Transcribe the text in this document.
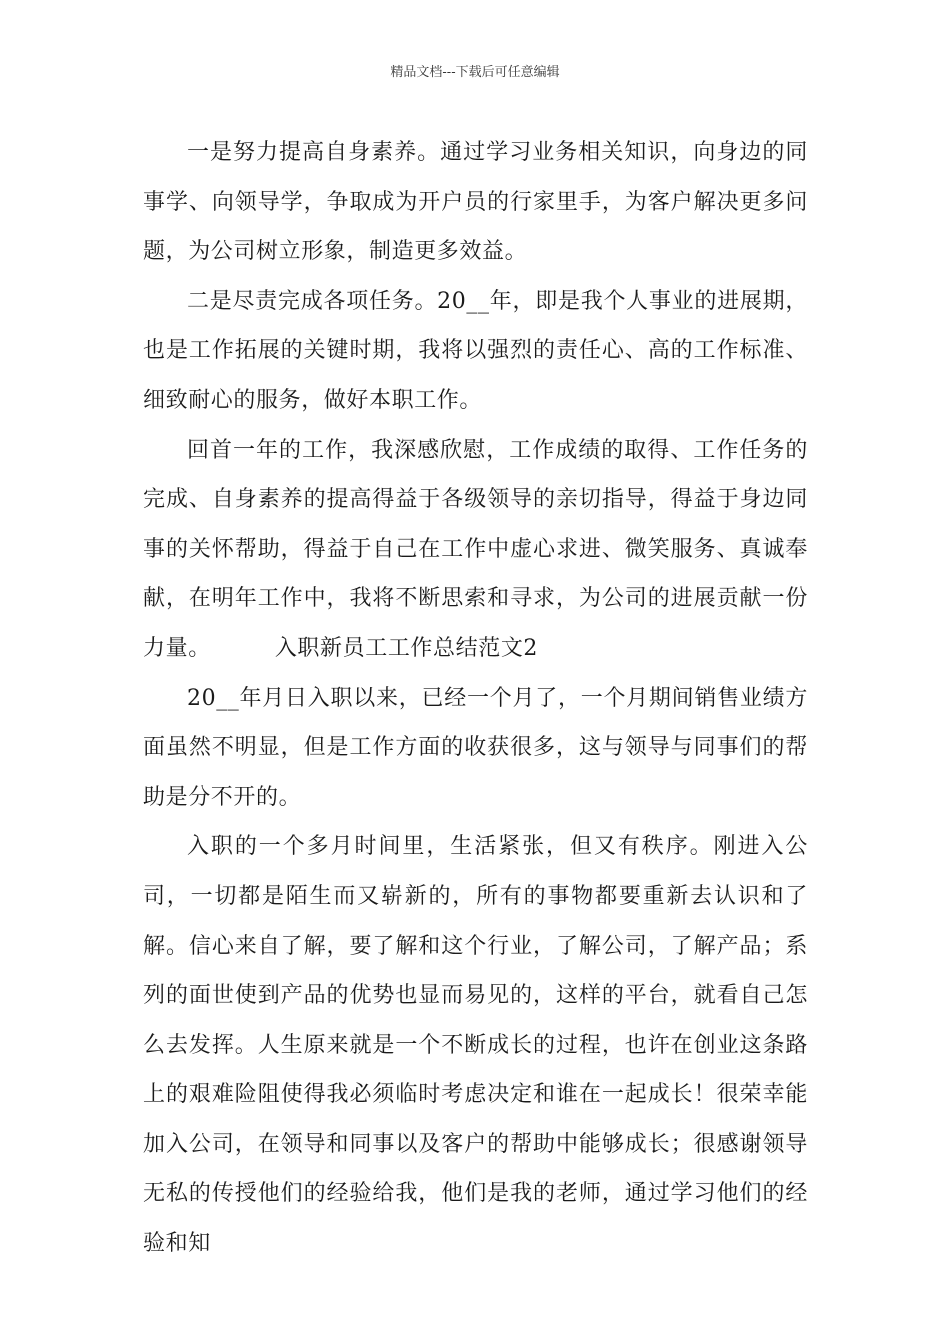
精品文档---下载后可任意编辑

一是努力提高自身素养。通过学习业务相关知识，向身边的同事学、向领导学，争取成为开户员的行家里手，为客户解决更多问题，为公司树立形象，制造更多效益。

二是尽责完成各项任务。20__年，即是我个人事业的进展期，也是工作拓展的关键时期，我将以强烈的责任心、高的工作标准、细致耐心的服务，做好本职工作。

回首一年的工作，我深感欣慰，工作成绩的取得、工作任务的完成、自身素养的提高得益于各级领导的亲切指导，得益于身边同事的关怀帮助，得益于自己在工作中虚心求进、微笑服务、真诚奉献，在明年工作中，我将不断思索和寻求，为公司的进展贡献一份力量。	入职新员工工作总结范文2

20__年月日入职以来，已经一个月了，一个月期间销售业绩方面虽然不明显，但是工作方面的收获很多，这与领导与同事们的帮助是分不开的。

入职的一个多月时间里，生活紧张，但又有秩序。刚进入公司，一切都是陌生而又崭新的，所有的事物都要重新去认识和了解。信心来自了解，要了解和这个行业，了解公司，了解产品；系列的面世使到产品的优势也显而易见的，这样的平台，就看自己怎么去发挥。人生原来就是一个不断成长的过程，也许在创业这条路上的艰难险阻使得我必须临时考虑决定和谁在一起成长！很荣幸能加入公司，在领导和同事以及客户的帮助中能够成长；很感谢领导无私的传授他们的经验给我，他们是我的老师，通过学习他们的经验和知
